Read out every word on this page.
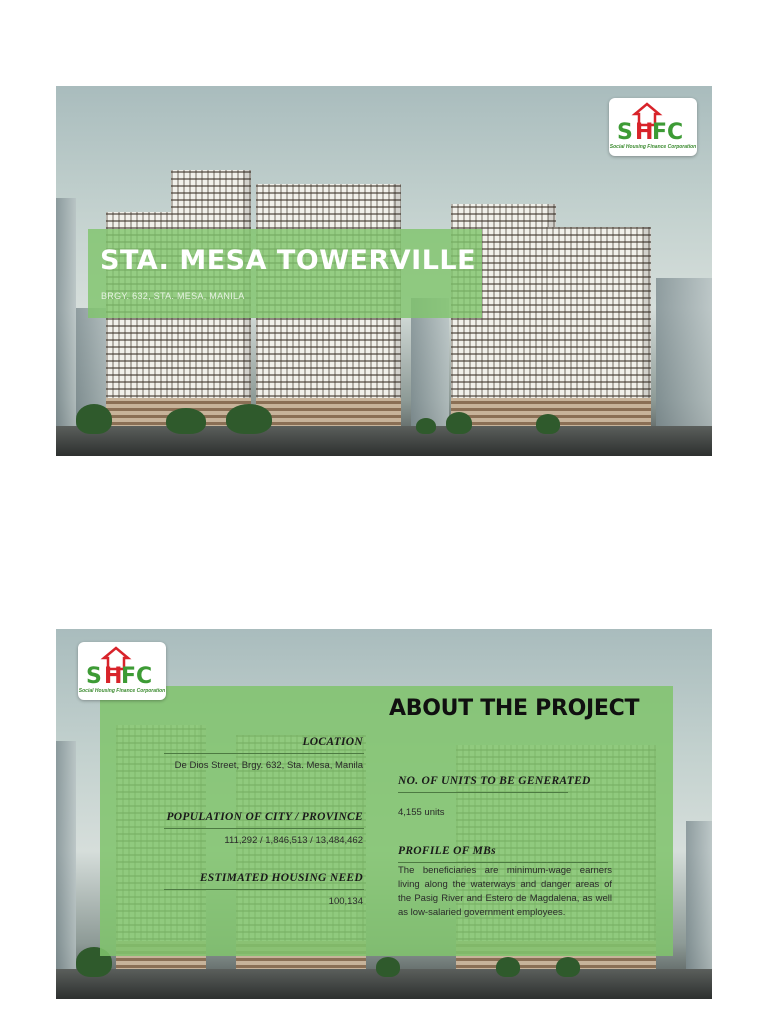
STA. MESA TOWERVILLE
BRGY. 632, STA. MESA, MANILA
S H
FC
Social Housing Finance Corporation
ABOUT THE PROJECT
LOCATION
De Dios Street, Brgy. 632, Sta. Mesa, Manila
POPULATION OF CITY / PROVINCE
111,292 / 1,846,513 / 13,484,462
ESTIMATED HOUSING NEED
100,134
NO. OF UNITS TO BE GENERATED
4,155 units
PROFILE OF MBs
The beneficiaries are minimum-wage earners living along the waterways and danger areas of the Pasig River and Estero de Magdalena, as well as low-salaried government employees.
S H
FC
Social Housing Finance Corporation
